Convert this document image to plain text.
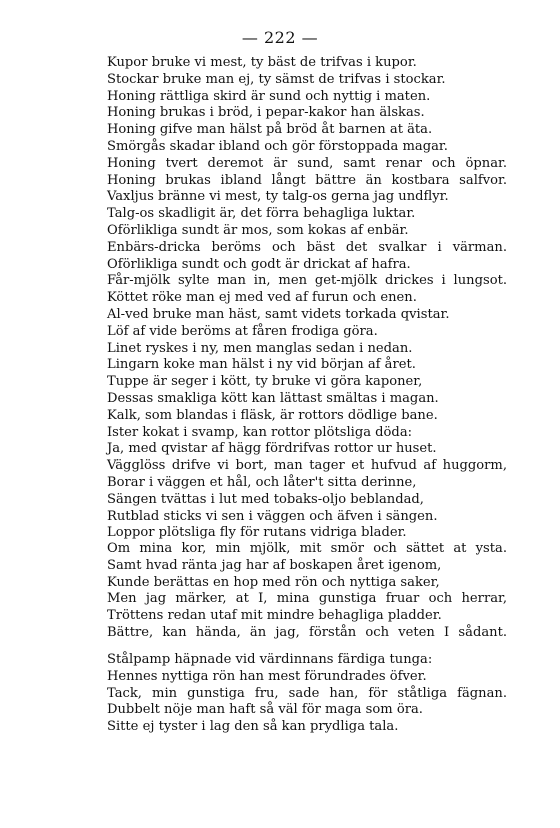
— 222 —
Kupor bruke vi mest, ty bäst de trifvas i kupor.
Stockar bruke man ej, ty sämst de trifvas i stockar.
Honing rättliga skird är sund och nyttig i maten.
Honing brukas i bröd, i pepar-kakor han älskas.
Honing gifve man hälst på bröd åt barnen at äta.
Smörgås skadar ibland och gör förstoppada magar.
Honing tvert deremot är sund, samt renar och öpnar.
Honing brukas ibland långt bättre än kostbara salfvor.
Vaxljus bränne vi mest, ty talg-os gerna jag undflyr.
Talg-os skadligit är, det förra behagliga luktar.
Oförlikliga sundt är mos, som kokas af enbär.
Enbärs-dricka beröms och bäst det svalkar i värman.
Oförlikliga sundt och godt är drickat af hafra.
Får-mjölk sylte man in, men get-mjölk drickes i lungsot.
Köttet röke man ej med ved af furun och enen.
Al-ved bruke man häst, samt videts torkada qvistar.
Löf af vide beröms at fåren frodiga göra.
Linet ryskes i ny, men manglas sedan i nedan.
Lingarn koke man hälst i ny vid början af året.
Tuppe är seger i kött, ty bruke vi göra kaponer,
Dessas smakliga kött kan lättast smältas i magan.
Kalk, som blandas i fläsk, är rottors dödlige bane.
Ister kokat i svamp, kan rottor plötsliga döda:
Ja, med qvistar af hägg fördrifvas rottor ur huset.
Vägglöss drifve vi bort, man tager et hufvud af huggorm,
Borar i väggen et hål, och låter't sitta derinne,
Sängen tvättas i lut med tobaks-oljo beblandad,
Rutblad sticks vi sen i väggen och äfven i sängen.
Loppor plötsliga fly för rutans vidriga blader.
Om mina kor, min mjölk, mit smör och sättet at ysta.
Samt hvad ränta jag har af boskapen året igenom,
Kunde berättas en hop med rön och nyttiga saker,
Men jag märker, at I, mina gunstiga fruar och herrar,
Tröttens redan utaf mit mindre behagliga pladder.
Bättre, kan hända, än jag, förstån och veten I sådant.
Stålpamp häpnade vid värdinnans färdiga tunga:
Hennes nyttiga rön han mest förundrades öfver.
Tack, min gunstiga fru, sade han, för ståtliga fägnan.
Dubbelt nöje man haft så väl för maga som öra.
Sitte ej tyster i lag den så kan prydliga tala.
